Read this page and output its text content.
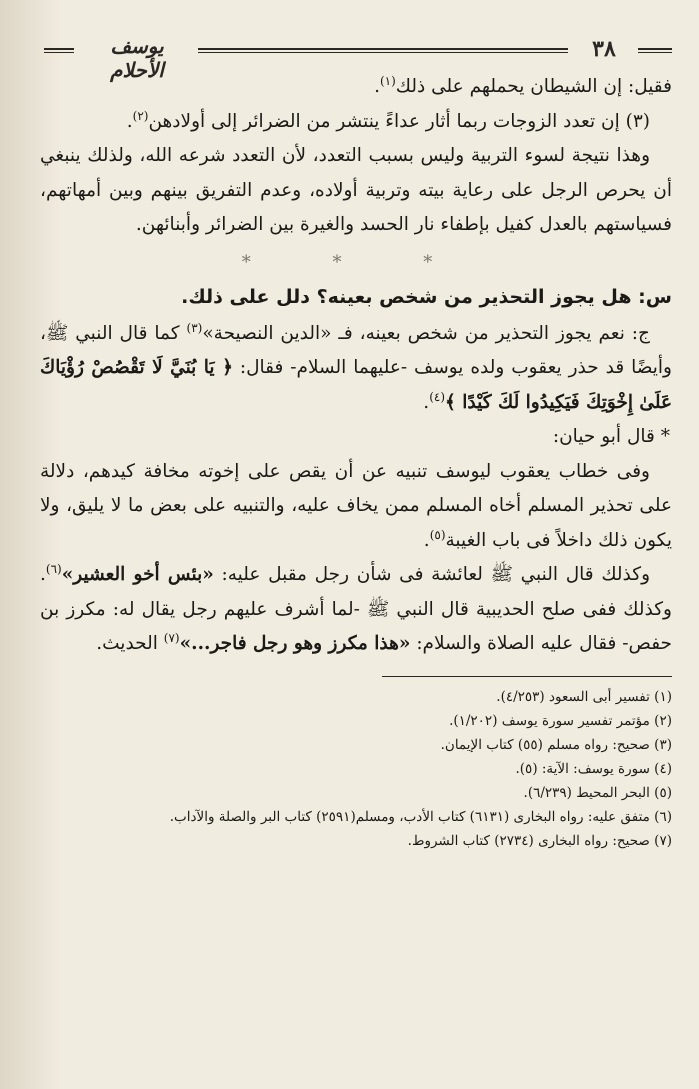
يوسف الأحلام
٣٨

فقيل: إن الشيطان يحملهم على ذلك$^{(١)}$.

(٣) إن تعدد الزوجات ربما أثار عداءً ينتشر من الضرائر إلى أولادهن$^{(٢)}$.

وهذا نتيجة لسوء التربية وليس بسبب التعدد، لأن التعدد شرعه الله، ولذلك ينبغي أن يحرص الرجل على رعاية بيته وتربية أولاده، وعدم التفريق بينهم وبين أمهاتهم، فسياستهم بالعدل كفيل بإطفاء نار الحسد والغيرة بين الضرائر وأبنائهن.

* * *

س: هل يجوز التحذير من شخص بعينه؟ دلل على ذلك.

ج: نعم يجوز التحذير من شخص بعينه، فـ «الدين النصيحة»$^{(٣)}$ كما قال النبي ﷺ، وأيضًا قد حذر يعقوب ولده يوسف -عليهما السلام- فقال: ﴿ يَا بُنَيَّ لَا تَقْصُصْ رُؤْيَاكَ عَلَىٰ إِخْوَتِكَ فَيَكِيدُوا لَكَ كَيْدًا ﴾$^{(٤)}$.

* قال أبو حيان:

وفى خطاب يعقوب ليوسف تنبيه عن أن يقص على إخوته مخافة كيدهم، دلالة على تحذير المسلم أخاه المسلم ممن يخاف عليه، والتنبيه على بعض ما لا يليق، ولا يكون ذلك داخلاً فى باب الغيبة$^{(٥)}$.

وكذلك قال النبي ﷺ لعائشة فى شأن رجل مقبل عليه: «بئس أخو العشير»$^{(٦)}$. وكذلك ففى صلح الحديبية قال النبي ﷺ -لما أشرف عليهم رجل يقال له: مكرز بن حفص- فقال عليه الصلاة والسلام: «هذا مكرز وهو رجل فاجر...»$^{(٧)}$ الحديث.

(١) تفسير أبى السعود (٤/٢٥٣).
(٢) مؤتمر تفسير سورة يوسف (١/٢٠٢).
(٣) صحيح: رواه مسلم (٥٥) كتاب الإيمان.
(٤) سورة يوسف: الآية: (٥).
(٥) البحر المحيط (٦/٢٣٩).
(٦) متفق عليه: رواه البخارى (٦١٣١) كتاب الأدب، ومسلم(٢٥٩١) كتاب البر والصلة والآداب.
(٧) صحيح: رواه البخارى (٢٧٣٤) كتاب الشروط.
